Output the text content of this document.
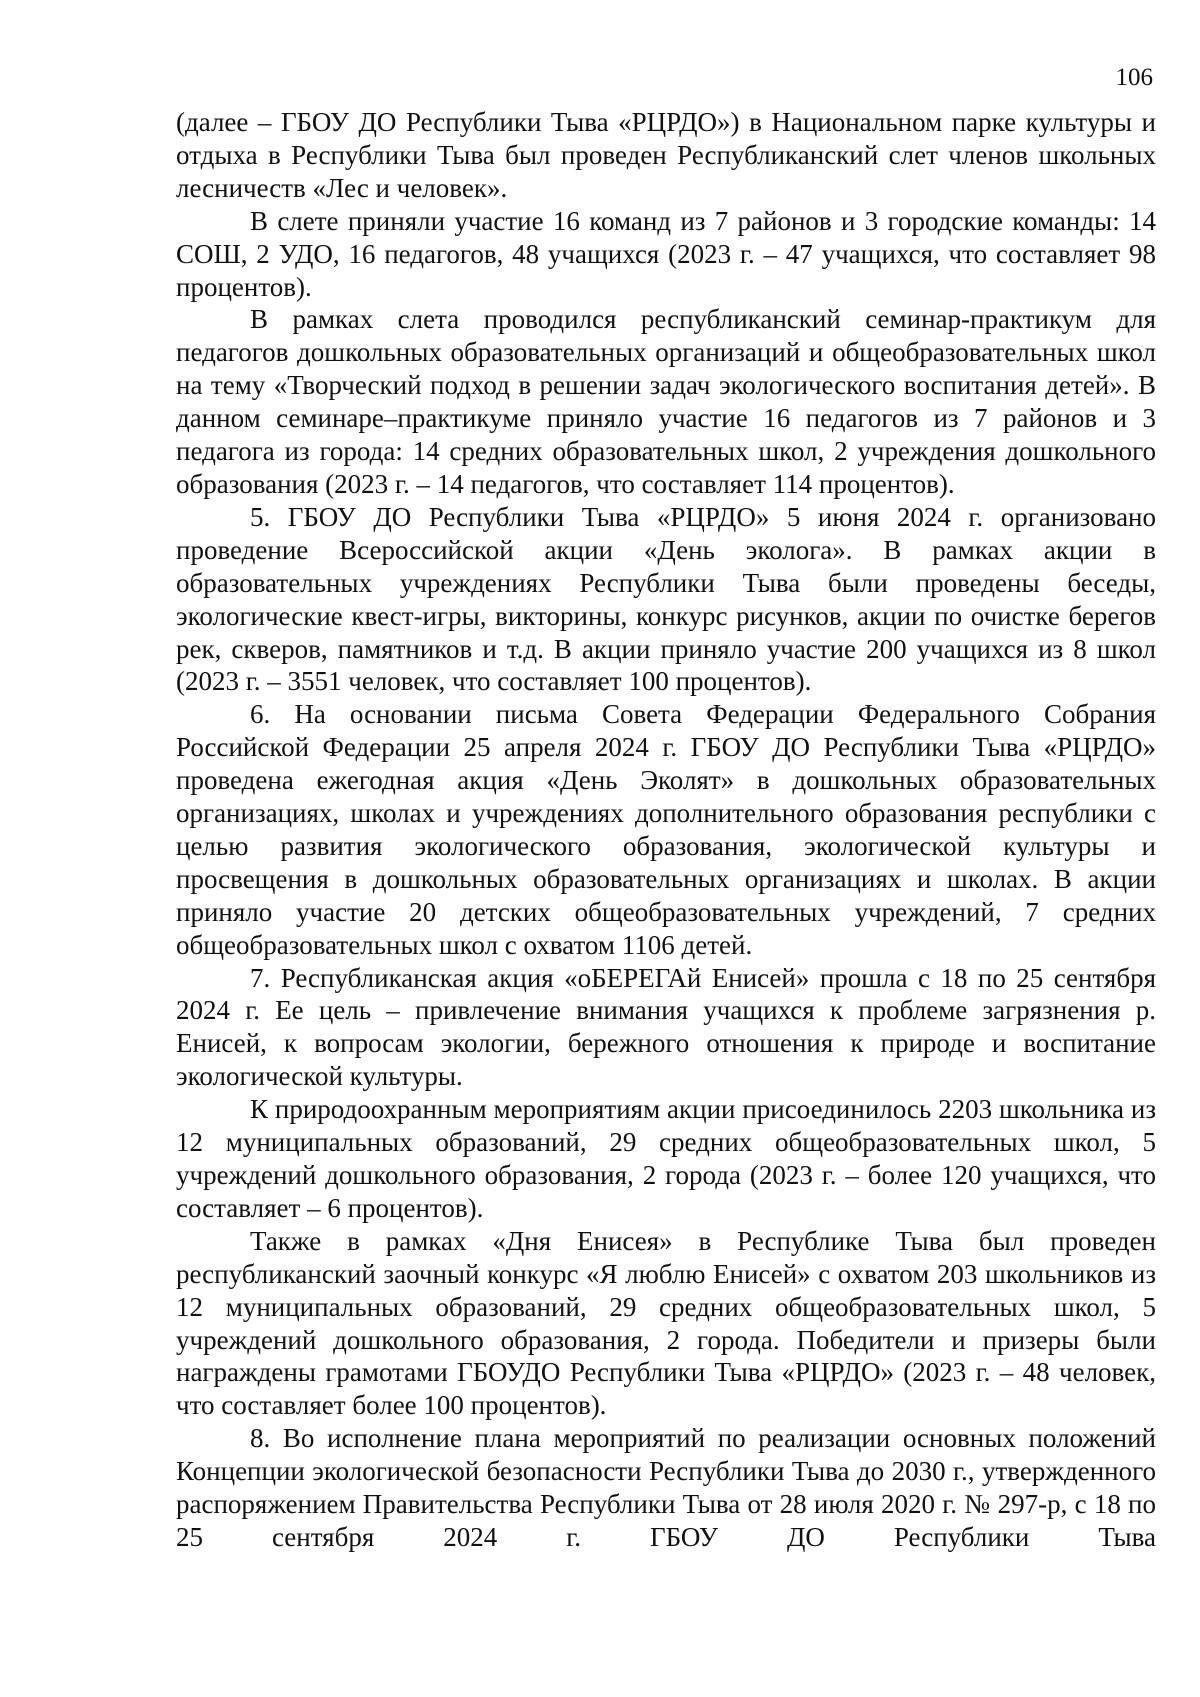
106

(далее – ГБОУ ДО Республики Тыва «РЦРДО») в Национальном парке культуры и отдыха в Республики Тыва был проведен Республиканский слет членов школьных лесничеств «Лес и человек».

В слете приняли участие 16 команд из 7 районов и 3 городские команды: 14 СОШ, 2 УДО, 16 педагогов, 48 учащихся (2023 г. – 47 учащихся, что составляет 98 процентов).

В рамках слета проводился республиканский семинар-практикум для педагогов дошкольных образовательных организаций и общеобразовательных школ на тему «Творческий подход в решении задач экологического воспитания детей». В данном семинаре–практикуме приняло участие 16 педагогов из 7 районов и 3 педагога из города: 14 средних образовательных школ, 2 учреждения дошкольного образования (2023 г. – 14 педагогов, что составляет 114 процентов).

5. ГБОУ ДО Республики Тыва «РЦРДО» 5 июня 2024 г. организовано проведение Всероссийской акции «День эколога». В рамках акции в образовательных учреждениях Республики Тыва были проведены беседы, экологические квест-игры, викторины, конкурс рисунков, акции по очистке берегов рек, скверов, памятников и т.д. В акции приняло участие 200 учащихся из 8 школ (2023 г. – 3551 человек, что составляет 100 процентов).

6. На основании письма Совета Федерации Федерального Собрания Российской Федерации 25 апреля 2024 г. ГБОУ ДО Республики Тыва «РЦРДО» проведена ежегодная акция «День Эколят» в дошкольных образовательных организациях, школах и учреждениях дополнительного образования республики с целью развития экологического образования, экологической культуры и просвещения в дошкольных образовательных организациях и школах. В акции приняло участие 20 детских общеобразовательных учреждений, 7 средних общеобразовательных школ с охватом 1106 детей.

7. Республиканская акция «оБЕРЕГАй Енисей» прошла с 18 по 25 сентября 2024 г. Ее цель – привлечение внимания учащихся к проблеме загрязнения р. Енисей, к вопросам экологии, бережного отношения к природе и воспитание экологической культуры.

К природоохранным мероприятиям акции присоединилось 2203 школьника из 12 муниципальных образований, 29 средних общеобразовательных школ, 5 учреждений дошкольного образования, 2 города (2023 г. – более 120 учащихся, что составляет – 6 процентов).

Также в рамках «Дня Енисея» в Республике Тыва был проведен республиканский заочный конкурс «Я люблю Енисей» с охватом 203 школьников из 12 муниципальных образований, 29 средних общеобразовательных школ, 5 учреждений дошкольного образования, 2 города. Победители и призеры были награждены грамотами ГБОУДО Республики Тыва «РЦРДО» (2023 г. – 48 человек, что составляет более 100 процентов).

8. Во исполнение плана мероприятий по реализации основных положений Концепции экологической безопасности Республики Тыва до 2030 г., утвержденного распоряжением Правительства Республики Тыва от 28 июля 2020 г. № 297-р, с 18 по 25 сентября 2024 г. ГБОУ ДО Республики Тыва
